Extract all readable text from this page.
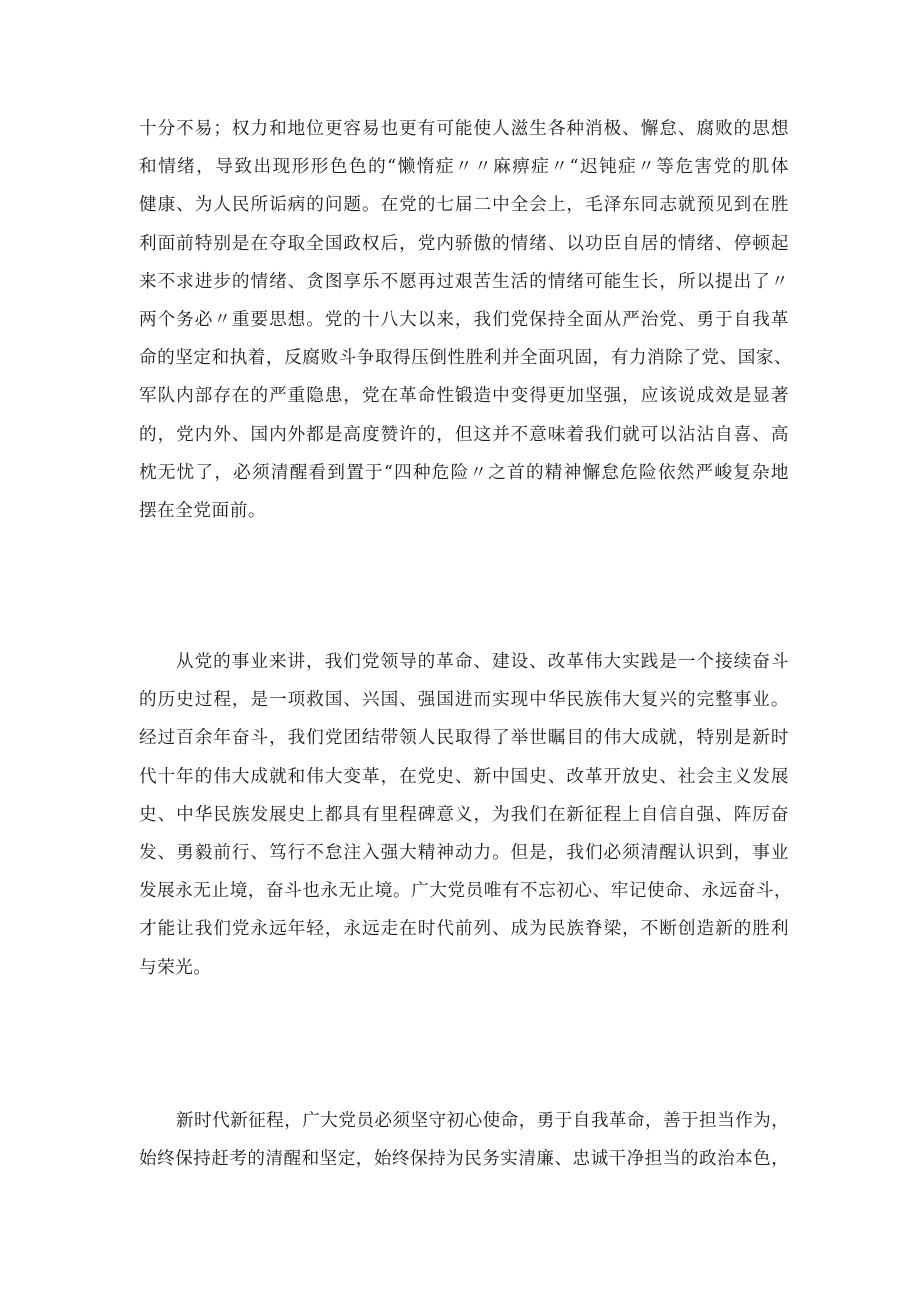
十分不易；权力和地位更容易也更有可能使人滋生各种消极、懈怠、腐败的思想
和情绪，导致出现形形色色的“懒惰症〃〃麻痹症〃“迟钝症〃等危害党的肌体
健康、为人民所诟病的问题。在党的七届二中全会上，毛泽东同志就预见到在胜
利面前特别是在夺取全国政权后，党内骄傲的情绪、以功臣自居的情绪、停顿起
来不求进步的情绪、贪图享乐不愿再过艰苦生活的情绪可能生长，所以提出了〃
两个务必〃重要思想。党的十八大以来，我们党保持全面从严治党、勇于自我革
命的坚定和执着，反腐败斗争取得压倒性胜利并全面巩固，有力消除了党、国家、
军队内部存在的严重隐患，党在革命性锻造中变得更加坚强，应该说成效是显著
的，党内外、国内外都是高度赞许的，但这并不意味着我们就可以沾沾自喜、高
枕无忧了，必须清醒看到置于“四种危险〃之首的精神懈怠危险依然严峻复杂地
摆在全党面前。
从党的事业来讲，我们党领导的革命、建设、改革伟大实践是一个接续奋斗
的历史过程，是一项救国、兴国、强国进而实现中华民族伟大复兴的完整事业。
经过百余年奋斗，我们党团结带领人民取得了举世瞩目的伟大成就，特别是新时
代十年的伟大成就和伟大变革，在党史、新中国史、改革开放史、社会主义发展
史、中华民族发展史上都具有里程碑意义，为我们在新征程上自信自强、阵厉奋
发、勇毅前行、笃行不怠注入强大精神动力。但是，我们必须清醒认识到，事业
发展永无止境，奋斗也永无止境。广大党员唯有不忘初心、牢记使命、永远奋斗，
才能让我们党永远年轻，永远走在时代前列、成为民族脊梁，不断创造新的胜利
与荣光。
新时代新征程，广大党员必须坚守初心使命，勇于自我革命，善于担当作为，
始终保持赶考的清醒和坚定，始终保持为民务实清廉、忠诚干净担当的政治本色，
